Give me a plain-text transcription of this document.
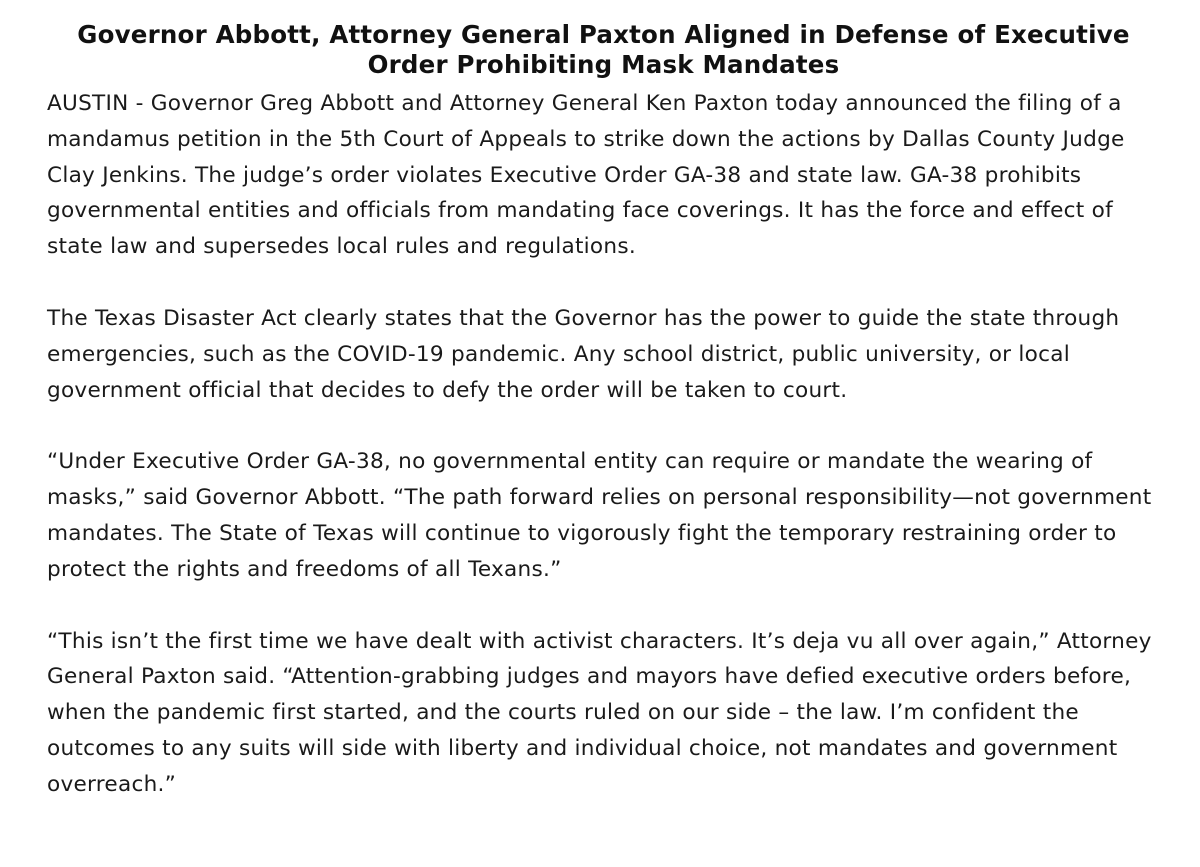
Governor Abbott, Attorney General Paxton Aligned in Defense of Executive Order Prohibiting Mask Mandates

AUSTIN - Governor Greg Abbott and Attorney General Ken Paxton today announced the filing of a mandamus petition in the 5th Court of Appeals to strike down the actions by Dallas County Judge Clay Jenkins. The judge’s order violates Executive Order GA-38 and state law. GA-38 prohibits governmental entities and officials from mandating face coverings. It has the force and effect of state law and supersedes local rules and regulations.

The Texas Disaster Act clearly states that the Governor has the power to guide the state through emergencies, such as the COVID-19 pandemic. Any school district, public university, or local government official that decides to defy the order will be taken to court.

“Under Executive Order GA-38, no governmental entity can require or mandate the wearing of masks,” said Governor Abbott. “The path forward relies on personal responsibility—not government mandates. The State of Texas will continue to vigorously fight the temporary restraining order to protect the rights and freedoms of all Texans.”

“This isn’t the first time we have dealt with activist characters. It’s deja vu all over again,” Attorney General Paxton said. “Attention-grabbing judges and mayors have defied executive orders before, when the pandemic first started, and the courts ruled on our side – the law. I’m confident the outcomes to any suits will side with liberty and individual choice, not mandates and government overreach.”
